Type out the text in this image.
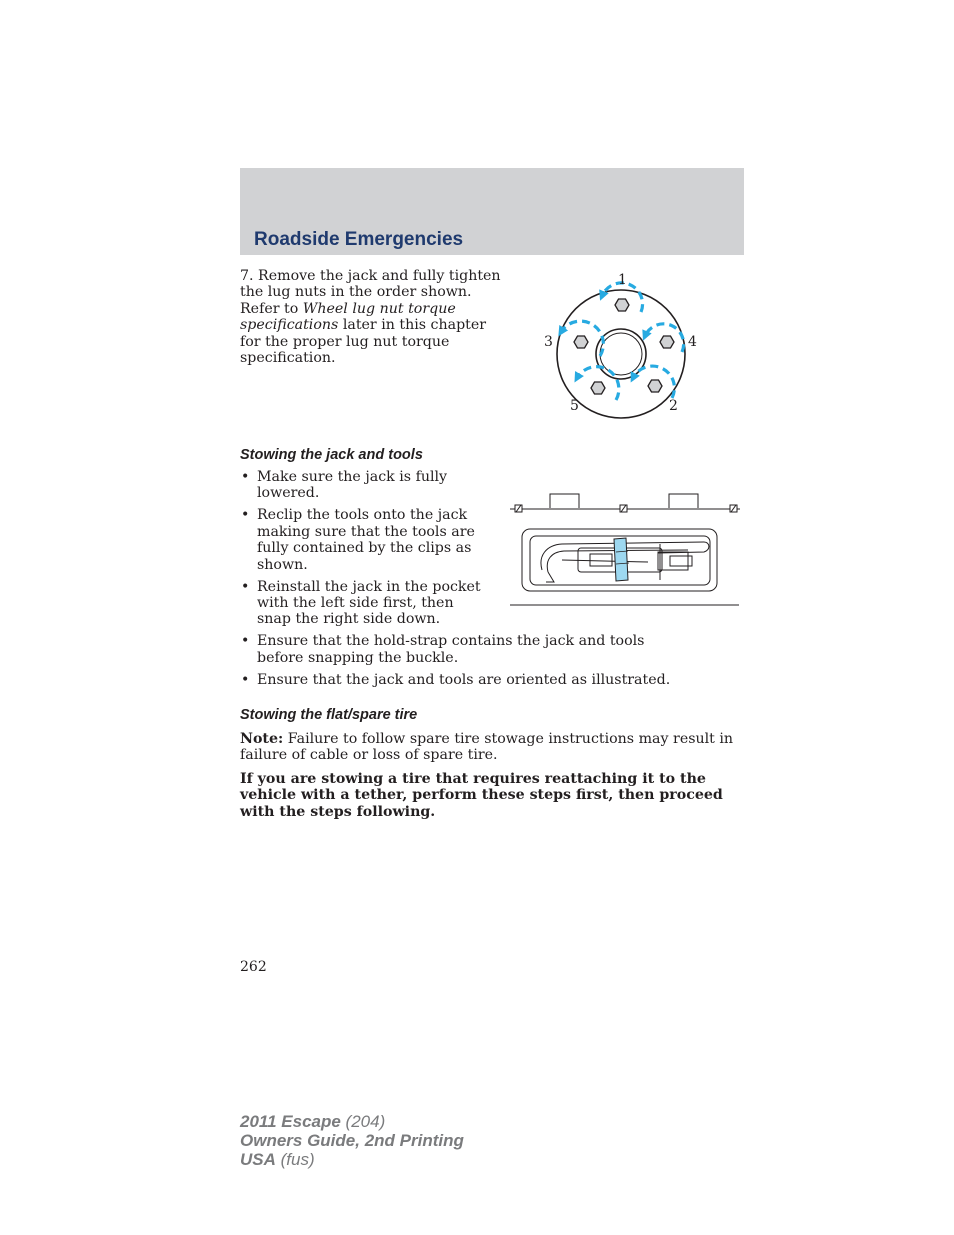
Roadside Emergencies

7. Remove the jack and fully tighten the lug nuts in the order shown. Refer to Wheel lug nut torque specifications later in this chapter for the proper lug nut torque specification.

1
2
3	4
5
Stowing the jack and tools
• Make sure the jack is fully lowered.
• Reclip the tools onto the jack making sure that the tools are fully contained by the clips as shown.
• Reinstall the jack in the pocket with the left side first, then snap the right side down.
• Ensure that the hold-strap contains the jack and tools before snapping the buckle.
• Ensure that the jack and tools are oriented as illustrated.
Stowing the flat/spare tire

Note: Failure to follow spare tire stowage instructions may result in failure of cable or loss of spare tire.

If you are stowing a tire that requires reattaching it to the vehicle with a tether, perform these steps first, then proceed with the steps following.

262
2011 Escape (204)
Owners Guide, 2nd Printing
USA (fus)
